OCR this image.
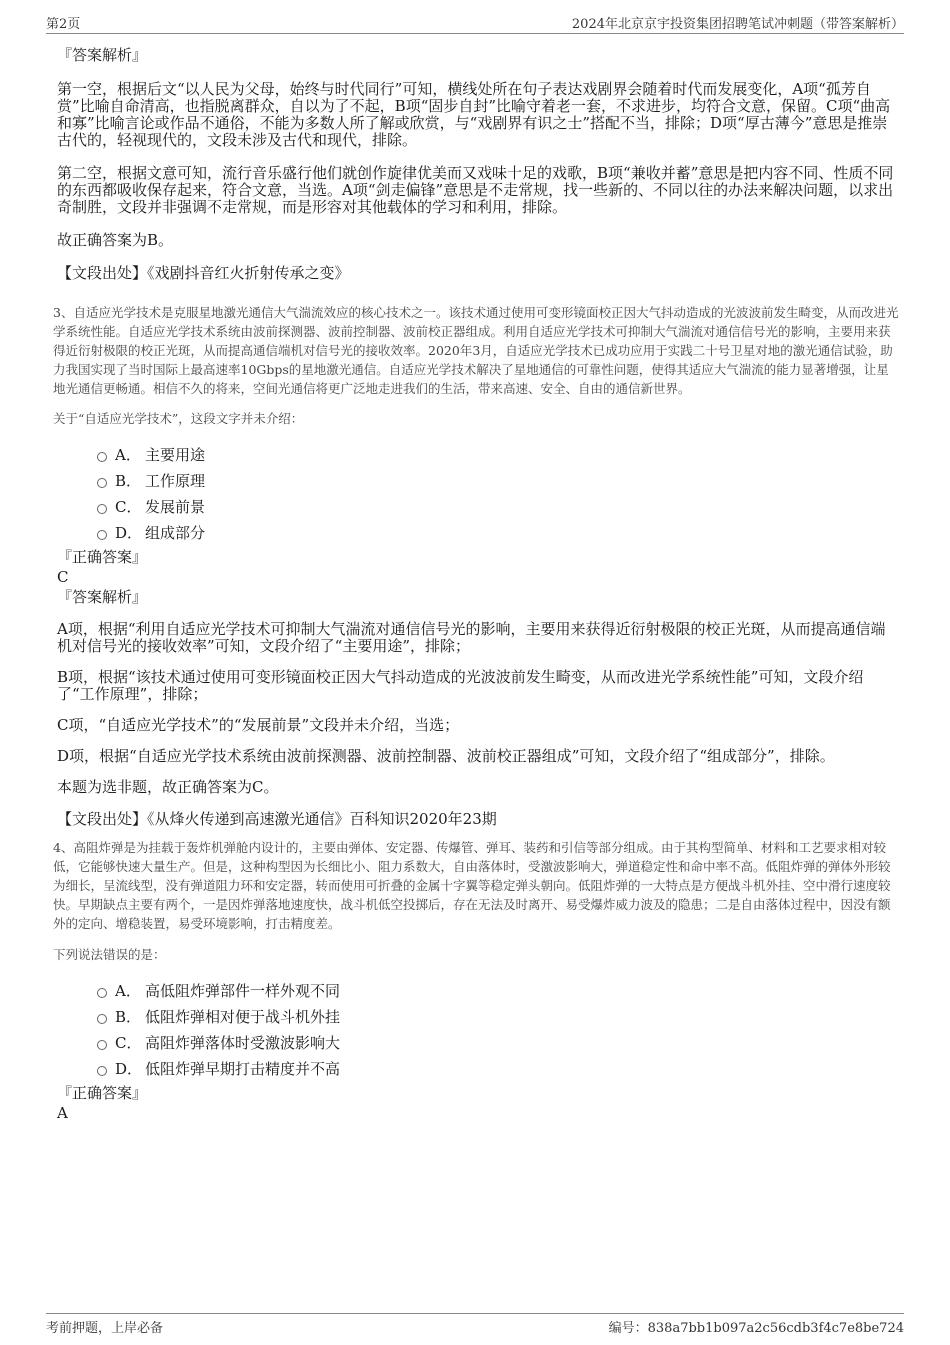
第2页	2024年北京京宇投资集团招聘笔试冲刺题（带答案解析）
『答案解析』

第一空，根据后文“以人民为父母，始终与时代同行”可知，横线处所在句子表达戏剧界会随着时代而发展变化，A项“孤芳自赏”比喻自命清高，也指脱离群众，自以为了不起，B项“固步自封”比喻守着老一套，不求进步，均符合文意，保留。C项“曲高和寡”比喻言论或作品不通俗，不能为多数人所了解或欣赏，与“戏剧界有识之士”搭配不当，排除；D项“厚古薄今”意思是推崇古代的，轻视现代的，文段未涉及古代和现代，排除。

第二空，根据文意可知，流行音乐盛行他们就创作旋律优美而又戏味十足的戏歌，B项“兼收并蓄”意思是把内容不同、性质不同的东西都吸收保存起来，符合文意，当选。A项“剑走偏锋”意思是不走常规，找一些新的、不同以往的办法来解决问题，以求出奇制胜，文段并非强调不走常规，而是形容对其他载体的学习和利用，排除。

故正确答案为B。

【文段出处】《戏剧抖音红火折射传承之变》

3、自适应光学技术是克服星地激光通信大气湍流效应的核心技术之一。该技术通过使用可变形镜面校正因大气抖动造成的光波波前发生畸变，从而改进光学系统性能。自适应光学技术系统由波前探测器、波前控制器、波前校正器组成。利用自适应光学技术可抑制大气湍流对通信信号光的影响，主要用来获得近衍射极限的校正光斑，从而提高通信端机对信号光的接收效率。2020年3月，自适应光学技术已成功应用于实践二十号卫星对地的激光通信试验，助力我国实现了当时国际上最高速率10Gbps的星地激光通信。自适应光学技术解决了星地通信的可靠性问题，使得其适应大气湍流的能力显著增强，让星地光通信更畅通。相信不久的将来，空间光通信将更广泛地走进我们的生活，带来高速、安全、自由的通信新世界。

关于“自适应光学技术”，这段文字并未介绍：
A． 主要用途
B． 工作原理
C． 发展前景
D． 组成部分
『正确答案』
C
『答案解析』

A项，根据“利用自适应光学技术可抑制大气湍流对通信信号光的影响，主要用来获得近衍射极限的校正光斑，从而提高通信端机对信号光的接收效率”可知，文段介绍了“主要用途”，排除；

B项，根据“该技术通过使用可变形镜面校正因大气抖动造成的光波波前发生畸变，从而改进光学系统性能”可知，文段介绍了“工作原理”，排除；

C项，“自适应光学技术”的“发展前景”文段并未介绍，当选；

D项，根据“自适应光学技术系统由波前探测器、波前控制器、波前校正器组成”可知，文段介绍了“组成部分”，排除。

本题为选非题，故正确答案为C。

【文段出处】《从烽火传递到高速激光通信》百科知识2020年23期

4、高阻炸弹是为挂载于轰炸机弹舱内设计的，主要由弹体、安定器、传爆管、弹耳、装药和引信等部分组成。由于其构型简单、材料和工艺要求相对较低，它能够快速大量生产。但是，这种构型因为长细比小、阻力系数大，自由落体时，受激波影响大，弹道稳定性和命中率不高。低阻炸弹的弹体外形较为细长，呈流线型，没有弹道阻力环和安定器，转而使用可折叠的金属十字翼等稳定弹头朝向。低阻炸弹的一大特点是方便战斗机外挂、空中滑行速度较快。早期缺点主要有两个，一是因炸弹落地速度快，战斗机低空投掷后，存在无法及时离开、易受爆炸威力波及的隐患；二是自由落体过程中，因没有额外的定向、增稳装置，易受环境影响，打击精度差。

下列说法错误的是：
A． 高低阻炸弹部件一样外观不同
B． 低阻炸弹相对便于战斗机外挂
C． 高阻炸弹落体时受激波影响大
D． 低阻炸弹早期打击精度并不高
『正确答案』
A
考前押题，上岸必备	编号：838a7bb1b097a2c56cdb3f4c7e8be724
